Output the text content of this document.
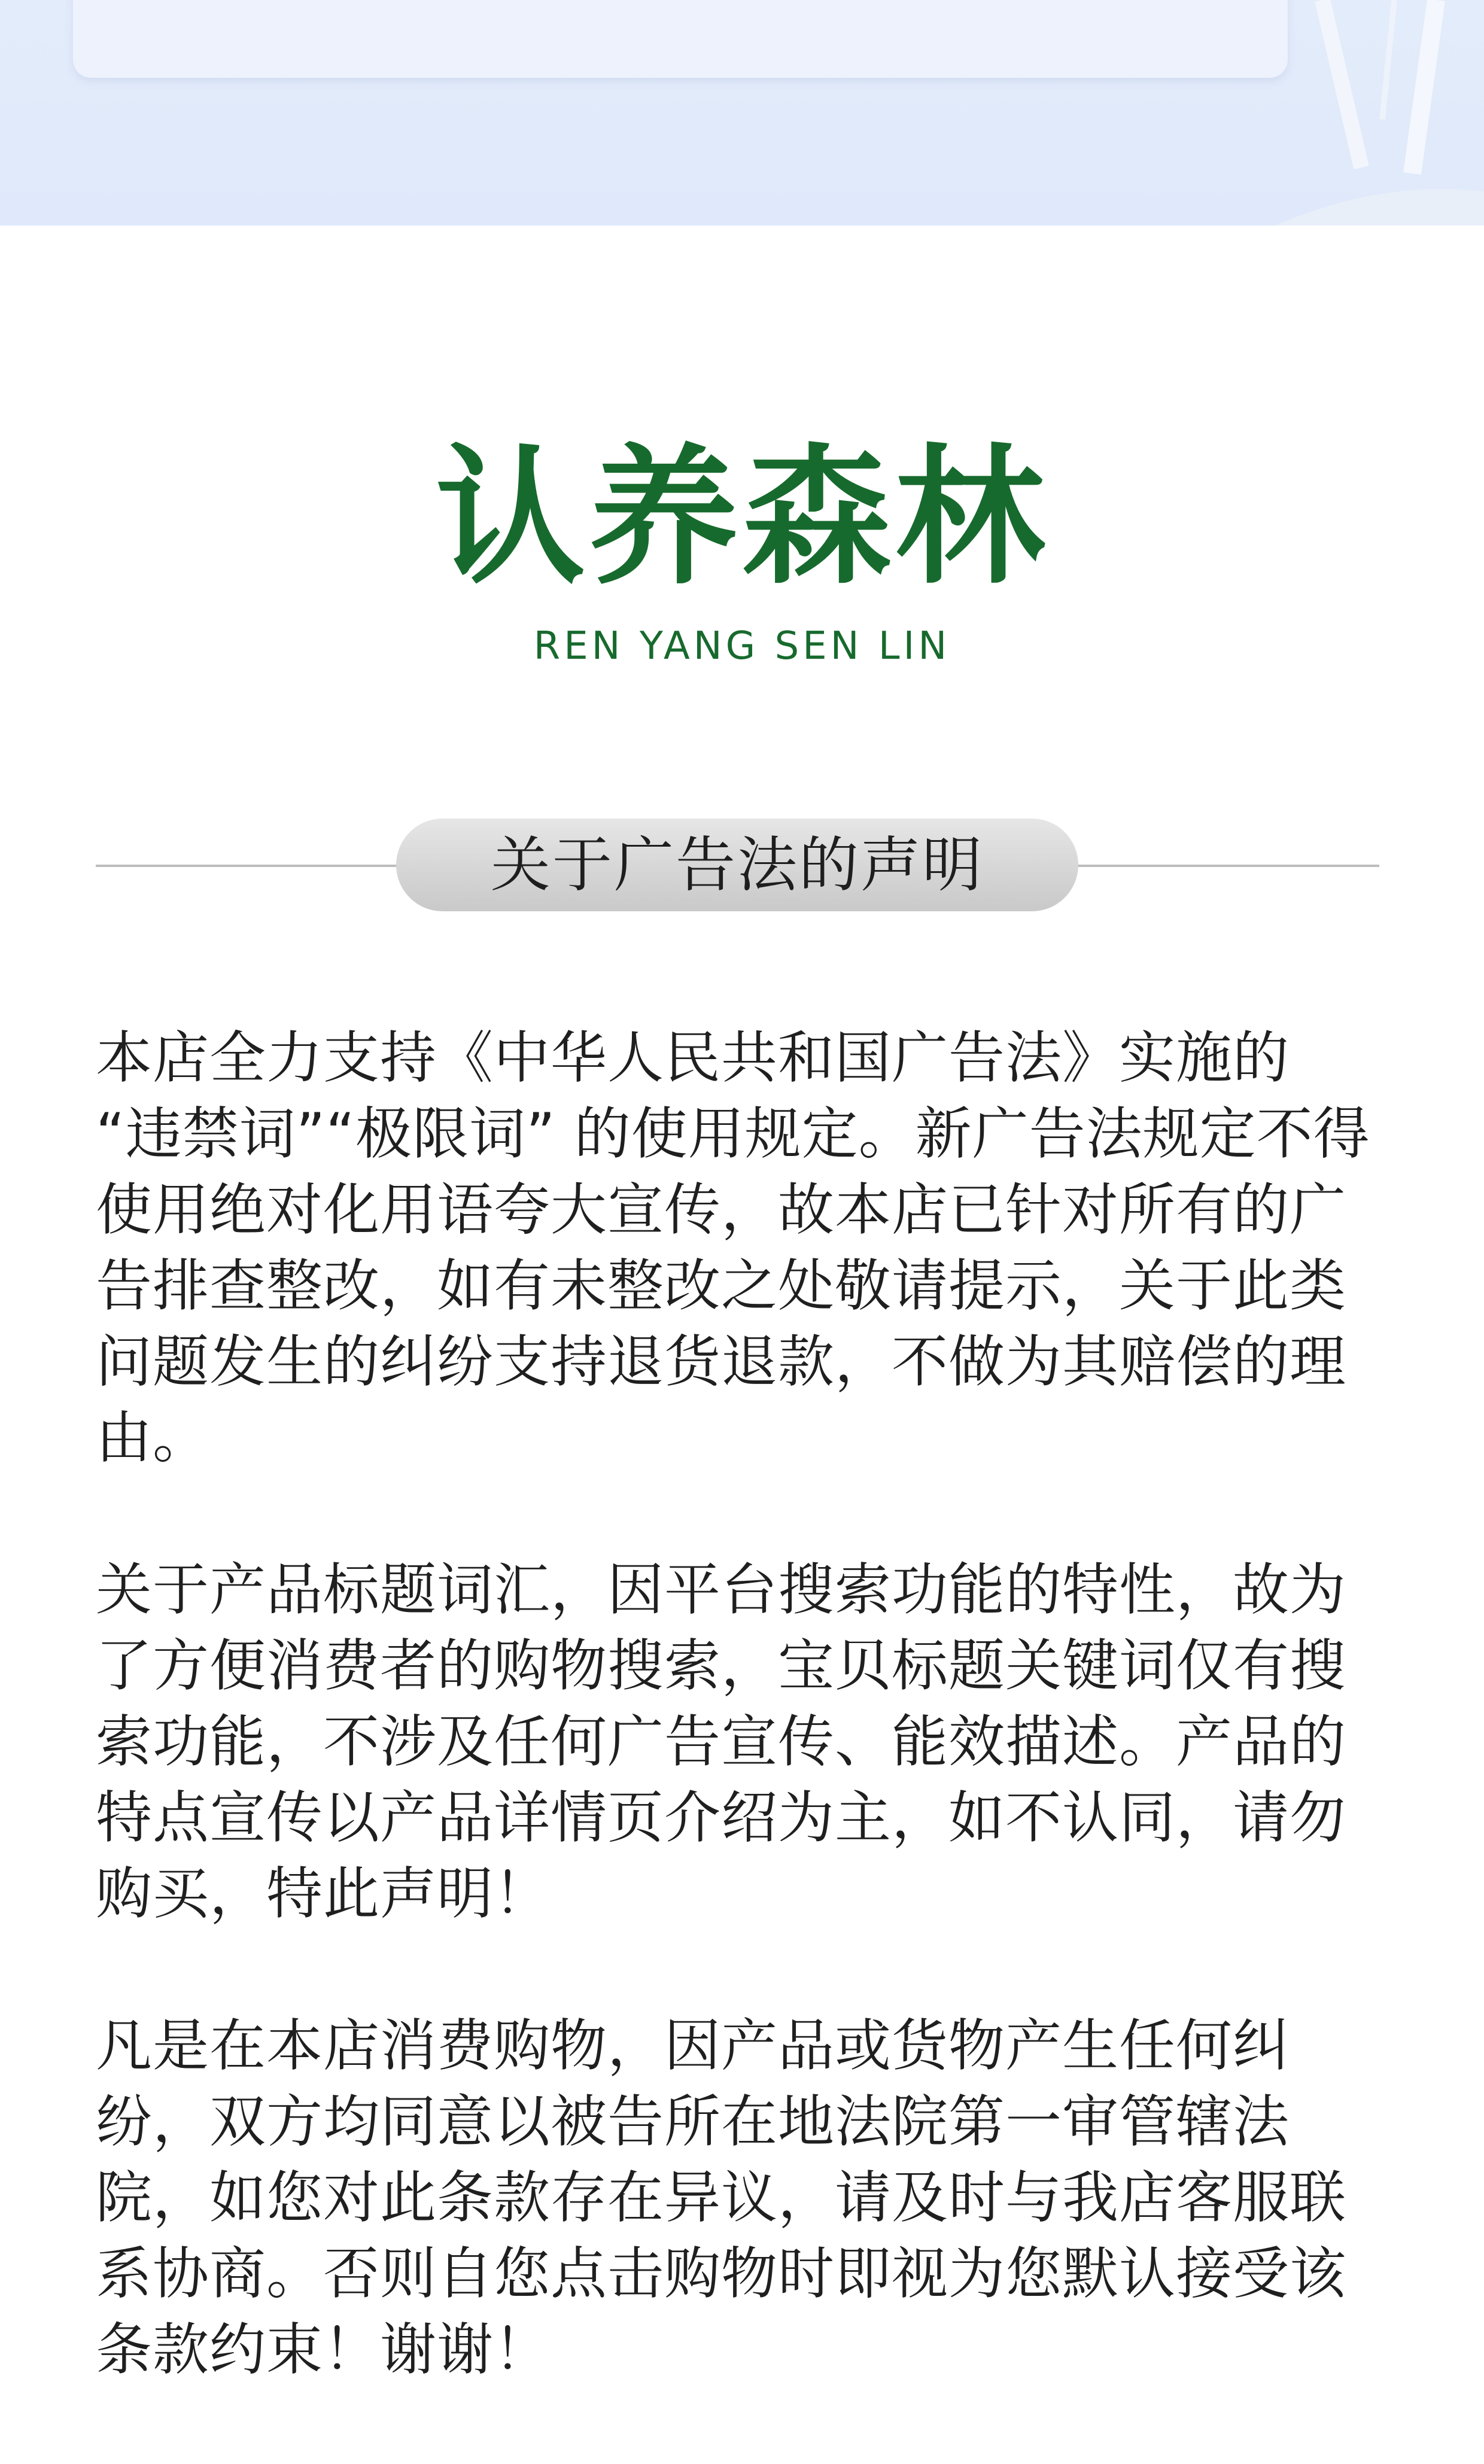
认养森林
REN YANG SEN LIN
关于广告法的声明

本店全力支持《中华人民共和国广告法》实施的 “违禁词”“极限词” 的使用规定。新广告法规定不得使用绝对化用语夸大宣传，故本店已针对所有的广告排查整改，如有未整改之处敬请提示，关于此类问题发生的纠纷支持退货退款，不做为其赔偿的理由。

关于产品标题词汇，因平台搜索功能的特性，故为了方便消费者的购物搜索，宝贝标题关键词仅有搜索功能，不涉及任何广告宣传、能效描述。产品的特点宣传以产品详情页介绍为主，如不认同，请勿购买，特此声明！

凡是在本店消费购物，因产品或货物产生任何纠纷，双方均同意以被告所在地法院第一审管辖法院，如您对此条款存在异议，请及时与我店客服联系协商。否则自您点击购物时即视为您默认接受该条款约束！谢谢！
